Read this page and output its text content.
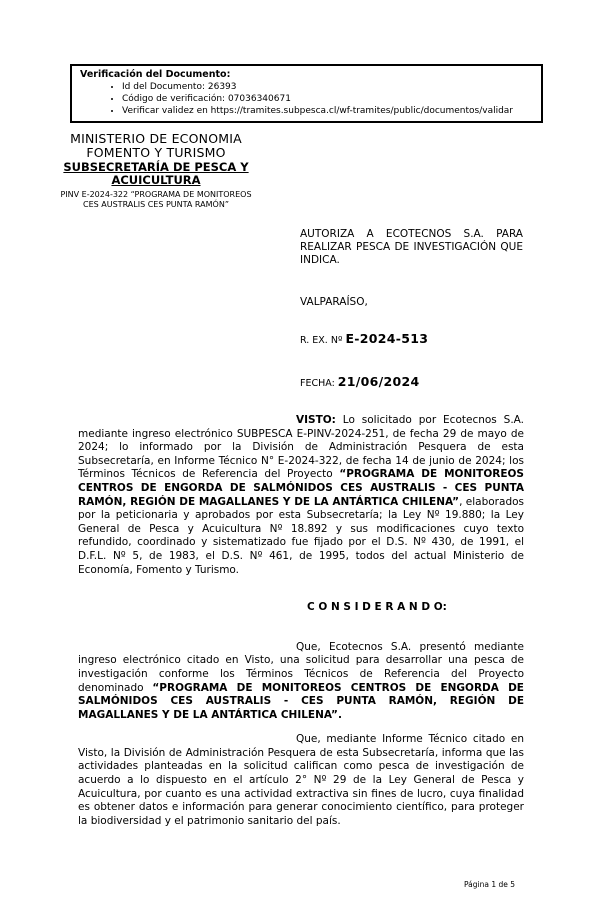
Verificación del Documento:
• Id del Documento: 26393
• Código de verificación: 07036340671
• Verificar validez en https://tramites.subpesca.cl/wf-tramites/public/documentos/validar
MINISTERIO DE ECONOMIA
FOMENTO Y TURISMO
SUBSECRETARÍA DE PESCA Y ACUICULTURA
PINV E-2024-322 “PROGRAMA DE MONITOREOS CES AUSTRALIS CES PUNTA RAMÓN”
AUTORIZA A ECOTECNOS S.A. PARA REALIZAR PESCA DE INVESTIGACIÓN QUE INDICA.
VALPARAÍSO,
R. EX. Nº E-2024-513
FECHA: 21/06/2024

VISTO: Lo solicitado por Ecotecnos S.A. mediante ingreso electrónico SUBPESCA E-PINV-2024-251, de fecha 29 de mayo de 2024; lo informado por la División de Administración Pesquera de esta Subsecretaría, en Informe Técnico N° E-2024-322, de fecha 14 de junio de 2024; los Términos Técnicos de Referencia del Proyecto “PROGRAMA DE MONITOREOS CENTROS DE ENGORDA DE SALMÓNIDOS CES AUSTRALIS - CES PUNTA RAMÓN, REGIÓN DE MAGALLANES Y DE LA ANTÁRTICA CHILENA”, elaborados por la peticionaria y aprobados por esta Subsecretaría; la Ley Nº 19.880; la Ley General de Pesca y Acuicultura Nº 18.892 y sus modificaciones cuyo texto refundido, coordinado y sistematizado fue fijado por el D.S. Nº 430, de 1991, el D.F.L. Nº 5, de 1983, el D.S. Nº 461, de 1995, todos del actual Ministerio de Economía, Fomento y Turismo.

C O N S I D E R A N D O:

Que, Ecotecnos S.A. presentó mediante ingreso electrónico citado en Visto, una solicitud para desarrollar una pesca de investigación conforme los Términos Técnicos de Referencia del Proyecto denominado “PROGRAMA DE MONITOREOS CENTROS DE ENGORDA DE SALMÓNIDOS CES AUSTRALIS - CES PUNTA RAMÓN, REGIÓN DE MAGALLANES Y DE LA ANTÁRTICA CHILENA”.

Que, mediante Informe Técnico citado en Visto, la División de Administración Pesquera de esta Subsecretaría, informa que las actividades planteadas en la solicitud califican como pesca de investigación de acuerdo a lo dispuesto en el artículo 2° Nº 29 de la Ley General de Pesca y Acuicultura, por cuanto es una actividad extractiva sin fines de lucro, cuya finalidad es obtener datos e información para generar conocimiento científico, para proteger la biodiversidad y el patrimonio sanitario del país.

Página 1 de 5
